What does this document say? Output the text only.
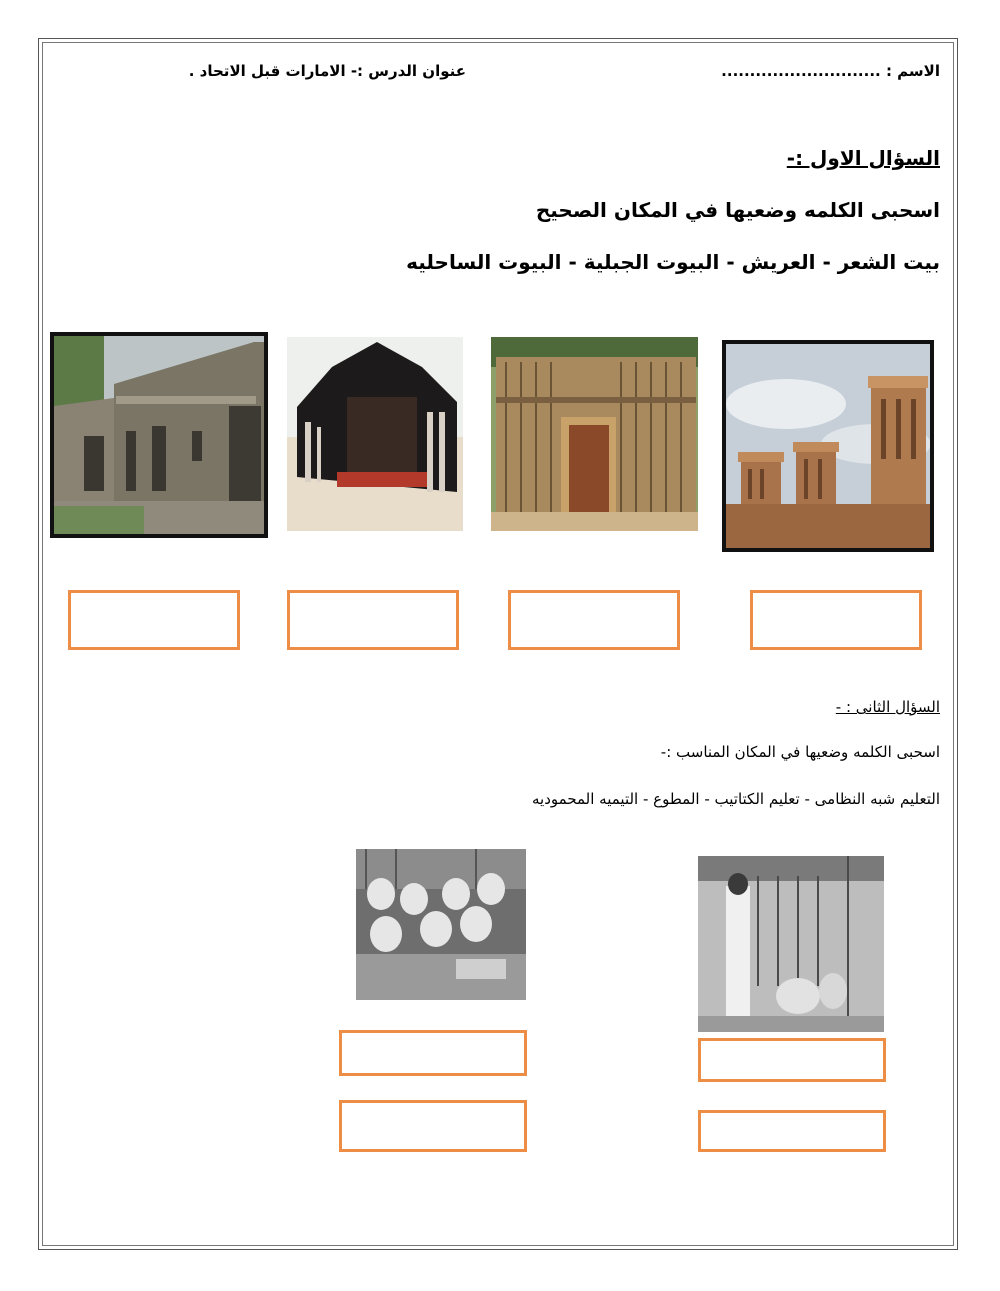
الاسم : ............................
عنوان الدرس :- الامارات قبل الاتحاد .
السؤال الاول :-
اسحبى الكلمه وضعيها في المكان الصحيح
بيت الشعر - العريش - البيوت الجبلية - البيوت الساحليه
السؤال الثانى : -
اسحبى الكلمه وضعيها في المكان المناسب :-
التعليم شبه النظامى - تعليم الكتاتيب - المطوع - التيميه المحموديه
